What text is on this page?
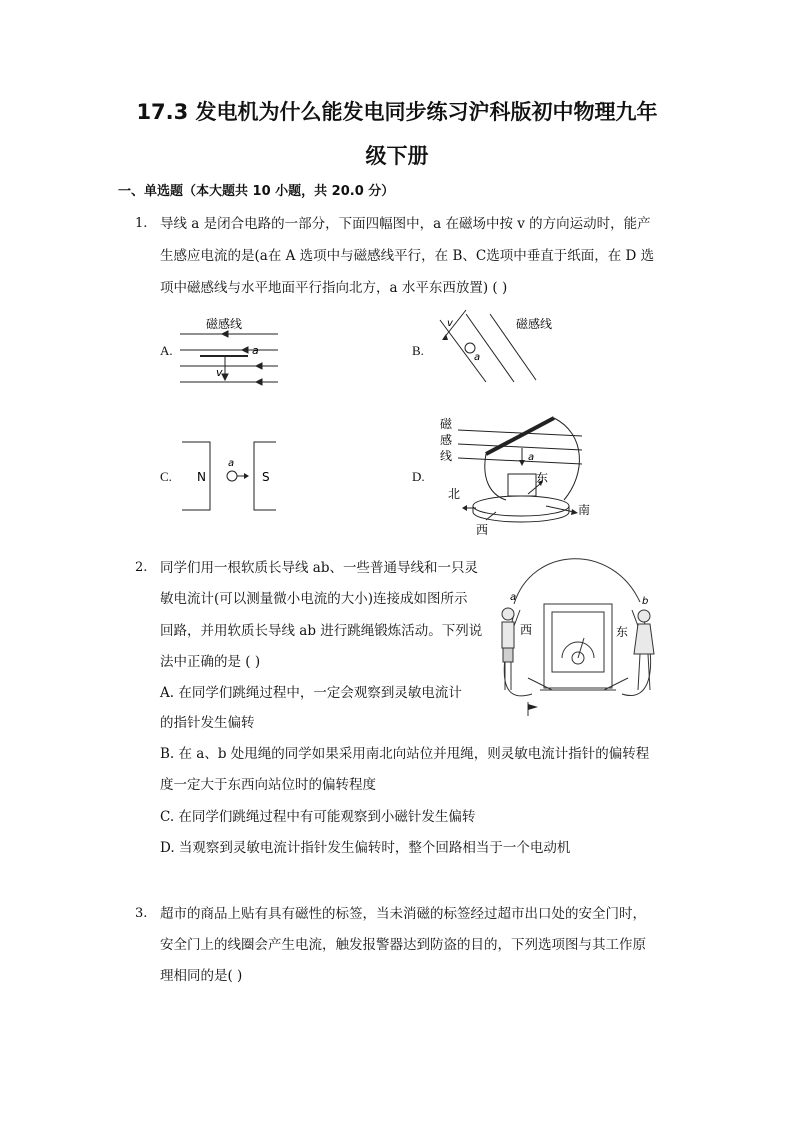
17.3 发电机为什么能发电同步练习沪科版初中物理九年
级下册
一、单选题（本大题共 10 小题，共 20.0 分）
1. 导线 a 是闭合电路的一部分，下面四幅图中，a 在磁场中按 v 的方向运动时，能产
生感应电流的是(a在 A 选项中与磁感线平行，在 B、C选项中垂直于纸面，在 D 选
项中磁感线与水平地面平行指向北方，a 水平东西放置) ( )
A.	B.
C.	D.
磁感线
a
v
v
a
磁感线
N	S
a
a
磁
感
线
北
东
南
西
2. 同学们用一根软质长导线 ab、一些普通导线和一只灵
敏电流计(可以测量微小电流的大小)连接成如图所示
回路，并用软质长导线 ab 进行跳绳锻炼活动。下列说
法中正确的是 ( )
A. 在同学们跳绳过程中，一定会观察到灵敏电流计
的指针发生偏转
B. 在 a、b 处甩绳的同学如果采用南北向站位并甩绳，则灵敏电流计指针的偏转程
度一定大于东西向站位时的偏转程度
C. 在同学们跳绳过程中有可能观察到小磁针发生偏转
D. 当观察到灵敏电流计指针发生偏转时，整个回路相当于一个电动机
西	东
a	b
3. 超市的商品上贴有具有磁性的标签，当未消磁的标签经过超市出口处的安全门时，
安全门上的线圈会产生电流，触发报警器达到防盗的目的，下列选项图与其工作原
理相同的是( )
